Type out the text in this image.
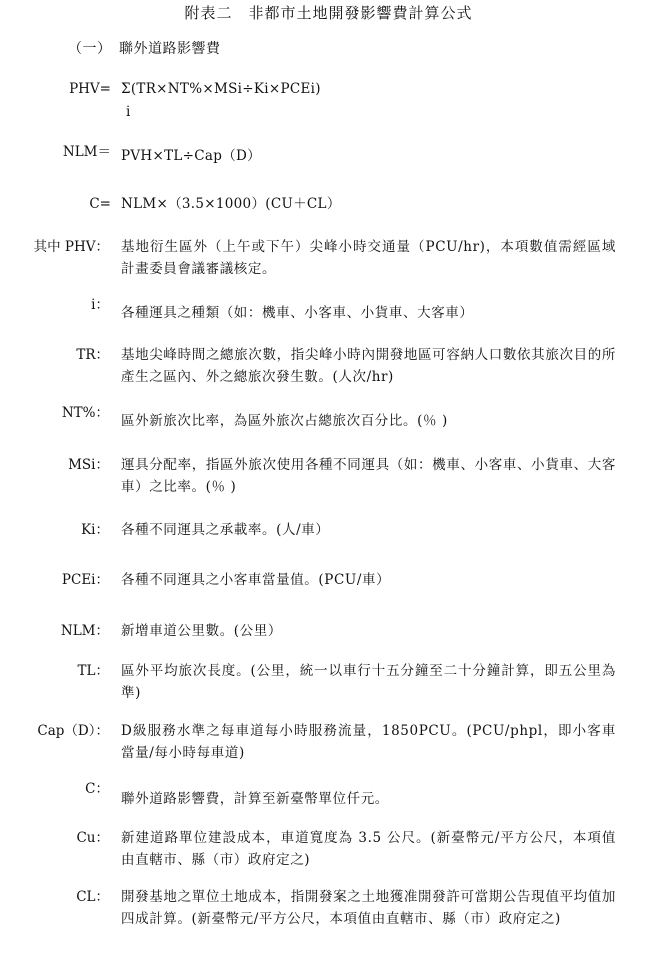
附表二　非都市土地開發影響費計算公式
（一）　聯外道路影響費
PHV= Σ(TR×NT%×MSi÷Ki×PCEi)
i
NLM＝ PVH×TL÷Cap（D）
C= NLM×（3.5×1000）(CU＋CL）
其中 PHV： 基地衍生區外（上午或下午）尖峰小時交通量（PCU/hr)，本項數值需經區域計畫委員會議審議核定。
i： 各種運具之種類（如：機車、小客車、小貨車、大客車）
TR： 基地尖峰時間之總旅次數，指尖峰小時內開發地區可容納人口數依其旅次目的所產生之區內、外之總旅次發生數。(人次/hr)
NT%： 區外新旅次比率，為區外旅次占總旅次百分比。(％ )
MSi： 運具分配率，指區外旅次使用各種不同運具（如：機車、小客車、小貨車、大客車）之比率。(％ )
Ki： 各種不同運具之承載率。(人/車）
PCEi： 各種不同運具之小客車當量值。(PCU/車）
NLM： 新增車道公里數。(公里）
TL： 區外平均旅次長度。(公里，統一以車行十五分鐘至二十分鐘計算，即五公里為準)
Cap（D）： D級服務水準之每車道每小時服務流量，1850PCU。(PCU/phpl，即小客車當量/每小時每車道)
C：
聯外道路影響費，計算至新臺幣單位仟元。
Cu： 新建道路單位建設成本，車道寬度為 3.5 公尺。(新臺幣元/平方公尺，本項值由直轄市、縣（市）政府定之)
CL： 開發基地之單位土地成本，指開發案之土地獲准開發許可當期公告現值平均值加四成計算。(新臺幣元/平方公尺，本項值由直轄市、縣（市）政府定之)
